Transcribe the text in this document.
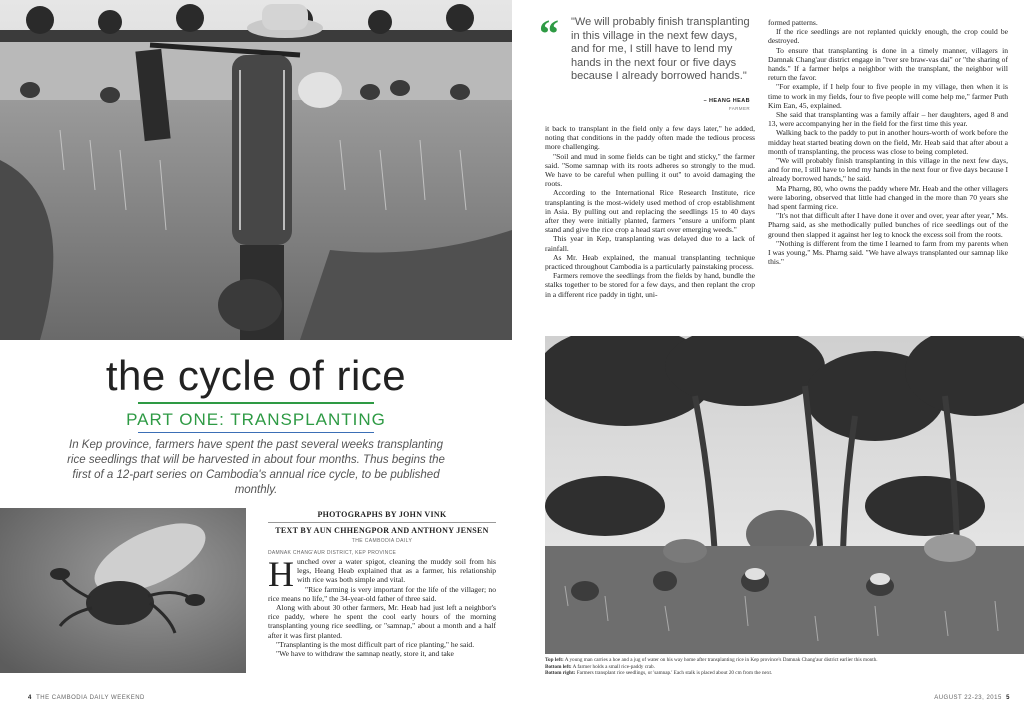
the cycle of rice
PART ONE: TRANSPLANTING
In Kep province, farmers have spent the past several weeks transplanting rice seedlings that will be harvested in about four months. Thus begins the first of a 12-part series on Cambodia's annual rice cycle, to be published monthly.
PHOTOGRAPHS BY JOHN VINK
TEXT BY AUN CHHENGPOR AND ANTHONY JENSEN
THE CAMBODIA DAILY
DAMNAK CHANG'AUR DISTRICT, KEP PROVINCE

Hunched over a water spigot, cleaning the muddy soil from his legs, Heang Heab explained that as a farmer, his relationship with rice was both simple and vital.

"Rice farming is very important for the life of the villager; no rice means no life," the 34-year-old father of three said.

Along with about 30 other farmers, Mr. Heab had just left a neighbor's rice paddy, where he spent the cool early hours of the morning transplanting young rice seedling, or "samnap," about a month and a half after it was first planted.

"Transplanting is the most difficult part of rice planting," he said.

"We have to withdraw the samnap neatly, store it, and take

“ "We will probably finish transplanting in this village in the next few days, and for me, I still have to lend my hands in the next four or five days because I already borrowed hands."
– HEANG HEAB
FARMER

it back to transplant in the field only a few days later," he added, noting that conditions in the paddy often made the tedious process more challenging.

"Soil and mud in some fields can be tight and sticky," the farmer said. "Some samnap with its roots adheres so strongly to the mud. We have to be careful when pulling it out" to avoid damaging the roots.

According to the International Rice Research Institute, rice transplanting is the most-widely used method of crop establishment in Asia. By pulling out and replacing the seedlings 15 to 40 days after they were initially planted, farmers "ensure a uniform plant stand and give the rice crop a head start over emerging weeds."

This year in Kep, transplanting was delayed due to a lack of rainfall.

As Mr. Heab explained, the manual transplanting technique practiced throughout Cambodia is a particularly painstaking process.

Farmers remove the seedlings from the fields by hand, bundle the stalks together to be stored for a few days, and then replant the crop in a different rice paddy in tight, uni-

formed patterns.

If the rice seedlings are not replanted quickly enough, the crop could be destroyed.

To ensure that transplanting is done in a timely manner, villagers in Damnak Chang'aur district engage in "tver sre braw-vas dai" or "the sharing of hands." If a farmer helps a neighbor with the transplant, the neighbor will return the favor.

"For example, if I help four to five people in my village, then when it is time to work in my fields, four to five people will come help me," farmer Puth Kim Ean, 45, explained.

She said that transplanting was a family affair – her daughters, aged 8 and 13, were accompanying her in the field for the first time this year.

Walking back to the paddy to put in another hours-worth of work before the midday heat started beating down on the field, Mr. Heab said that after about a month of transplanting, the process was close to being completed.

"We will probably finish transplanting in this village in the next few days, and for me, I still have to lend my hands in the next four or five days because I already borrowed hands," he said.

Ma Pharng, 80, who owns the paddy where Mr. Heab and the other villagers were laboring, observed that little had changed in the more than 70 years she had spent farming rice.

"It's not that difficult after I have done it over and over, year after year," Ms. Pharng said, as she methodically pulled bunches of rice seedlings out of the ground then slapped it against her leg to knock the excess soil from the roots.

"Nothing is different from the time I learned to farm from my parents when I was young," Ms. Pharng said. "We have always transplanted our samnap like this."

Top left: A young man carries a hoe and a jug of water on his way home after transplanting rice in Kep province's Damnak Chang'aur district earlier this month.
Bottom left: A farmer holds a small rice-paddy crab.
Bottom right: Farmers transplant rice seedlings, or 'samnap.' Each stalk is placed about 20 cm from the next.
4 THE CAMBODIA DAILY WEEKEND	AUGUST 22-23, 2015 5
